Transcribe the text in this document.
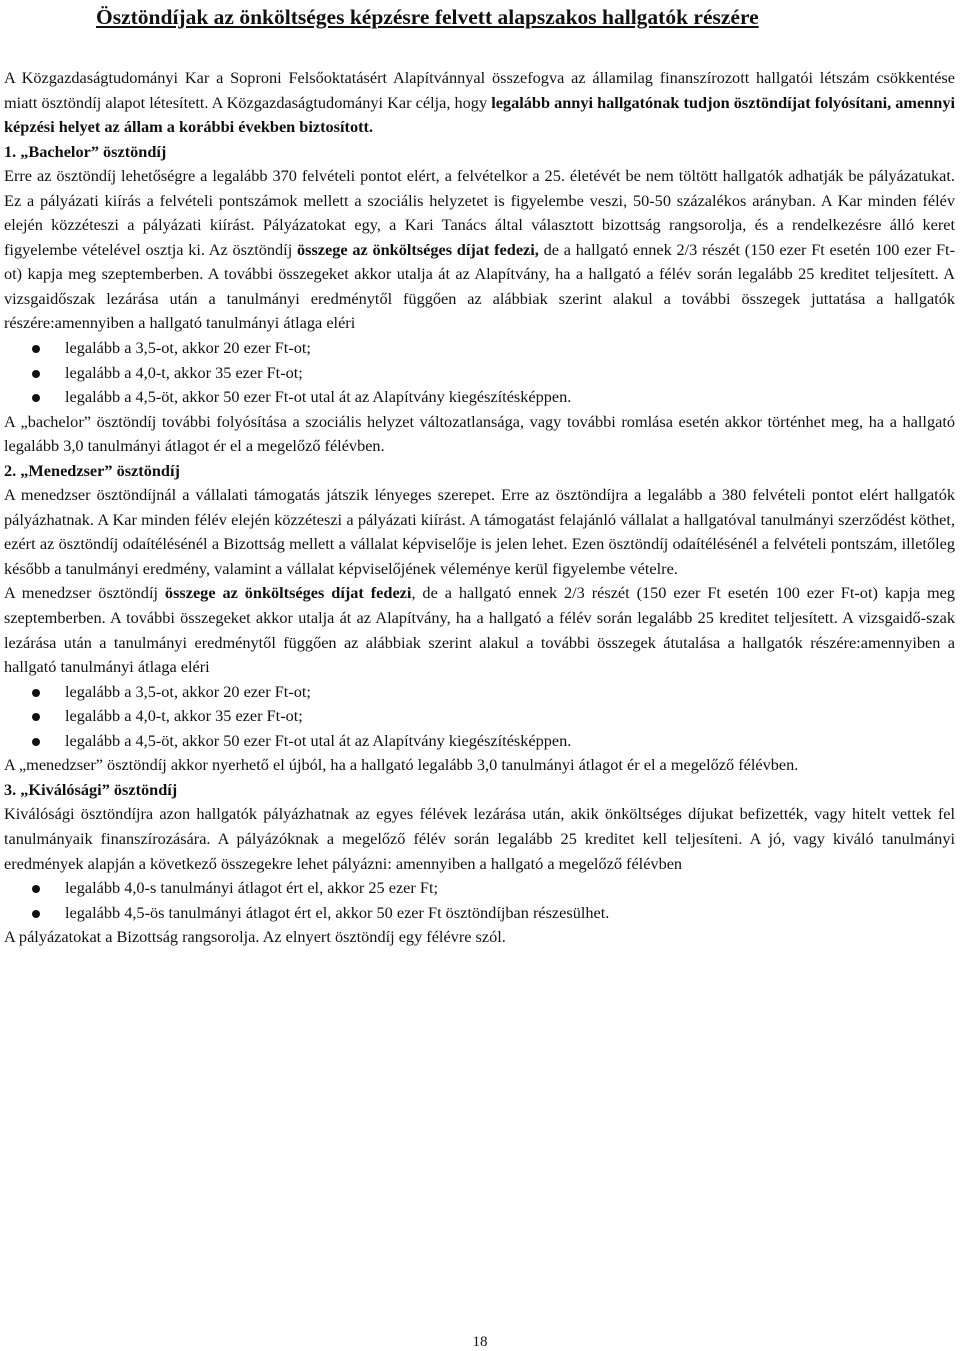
Ösztöndíjak az önköltséges képzésre felvett alapszakos hallgatók részére

A Közgazdaságtudományi Kar a Soproni Felsőoktatásért Alapítvánnyal összefogva az államilag finanszírozott hallgatói létszám csökkentése miatt ösztöndíj alapot létesített. A Közgazdaságtudományi Kar célja, hogy legalább annyi hallgatónak tudjon ösztöndíjat folyósítani, amennyi képzési helyet az állam a korábbi években biztosított.

1. „Bachelor” ösztöndíj

Erre az ösztöndíj lehetőségre a legalább 370 felvételi pontot elért, a felvételkor a 25. életévét be nem töltött hallgatók adhatják be pályázatukat. Ez a pályázati kiírás a felvételi pontszámok mellett a szociális helyzetet is figyelembe veszi, 50-50 százalékos arányban. A Kar minden félév elején közzéteszi a pályázati kiírást. Pályázatokat egy, a Kari Tanács által választott bizottság rangsorolja, és a rendelkezésre álló keret figyelembe vételével osztja ki. Az ösztöndíj összege az önköltséges díjat fedezi, de a hallgató ennek 2/3 részét (150 ezer Ft esetén 100 ezer Ft-ot) kapja meg szeptemberben. A további összegeket akkor utalja át az Alapítvány, ha a hallgató a félév során legalább 25 kreditet teljesített. A vizsgaidőszak lezárása után a tanulmányi eredménytől függően az alábbiak szerint alakul a további összegek juttatása a hallgatók részére:amennyiben a hallgató tanulmányi átlaga eléri

legalább a 3,5-ot, akkor 20 ezer Ft-ot;
legalább a 4,0-t, akkor 35 ezer Ft-ot;
legalább a 4,5-öt, akkor 50 ezer Ft-ot utal át az Alapítvány kiegészítésképpen.

A „bachelor” ösztöndíj további folyósítása a szociális helyzet változatlansága, vagy további romlása esetén akkor történhet meg, ha a hallgató legalább 3,0 tanulmányi átlagot ér el a megelőző félévben.

2. „Menedzser” ösztöndíj

A menedzser ösztöndíjnál a vállalati támogatás játszik lényeges szerepet. Erre az ösztöndíjra a legalább a 380 felvételi pontot elért hallgatók pályázhatnak. A Kar minden félév elején közzéteszi a pályázati kiírást. A támogatást felajánló vállalat a hallgatóval tanulmányi szerződést köthet, ezért az ösztöndíj odaítélésénél a Bizottság mellett a vállalat képviselője is jelen lehet. Ezen ösztöndíj odaítélésénél a felvételi pontszám, illetőleg később a tanulmányi eredmény, valamint a vállalat képviselőjének véleménye kerül figyelembe vételre.

A menedzser ösztöndíj összege az önköltséges díjat fedezi, de a hallgató ennek 2/3 részét (150 ezer Ft esetén 100 ezer Ft-ot) kapja meg szeptemberben. A további összegeket akkor utalja át az Alapítvány, ha a hallgató a félév során legalább 25 kreditet teljesített. A vizsgaidő-szak lezárása után a tanulmányi eredménytől függően az alábbiak szerint alakul a további összegek átutalása a hallgatók részére:amennyiben a hallgató tanulmányi átlaga eléri

legalább a 3,5-ot, akkor 20 ezer Ft-ot;
legalább a 4,0-t, akkor 35 ezer Ft-ot;
legalább a 4,5-öt, akkor 50 ezer Ft-ot utal át az Alapítvány kiegészítésképpen.

A „menedzser” ösztöndíj akkor nyerhető el újból, ha a hallgató legalább 3,0 tanulmányi átlagot ér el a megelőző félévben.

3. „Kiválósági” ösztöndíj

Kiválósági ösztöndíjra azon hallgatók pályázhatnak az egyes félévek lezárása után, akik önköltséges díjukat befizették, vagy hitelt vettek fel tanulmányaik finanszírozására. A pályázóknak a megelőző félév során legalább 25 kreditet kell teljesíteni. A jó, vagy kiváló tanulmányi eredmények alapján a következő összegekre lehet pályázni: amennyiben a hallgató a megelőző félévben

legalább 4,0-s tanulmányi átlagot ért el, akkor 25 ezer Ft;
legalább 4,5-ös tanulmányi átlagot ért el, akkor 50 ezer Ft ösztöndíjban részesülhet.

A pályázatokat a Bizottság rangsorolja. Az elnyert ösztöndíj egy félévre szól.

18
